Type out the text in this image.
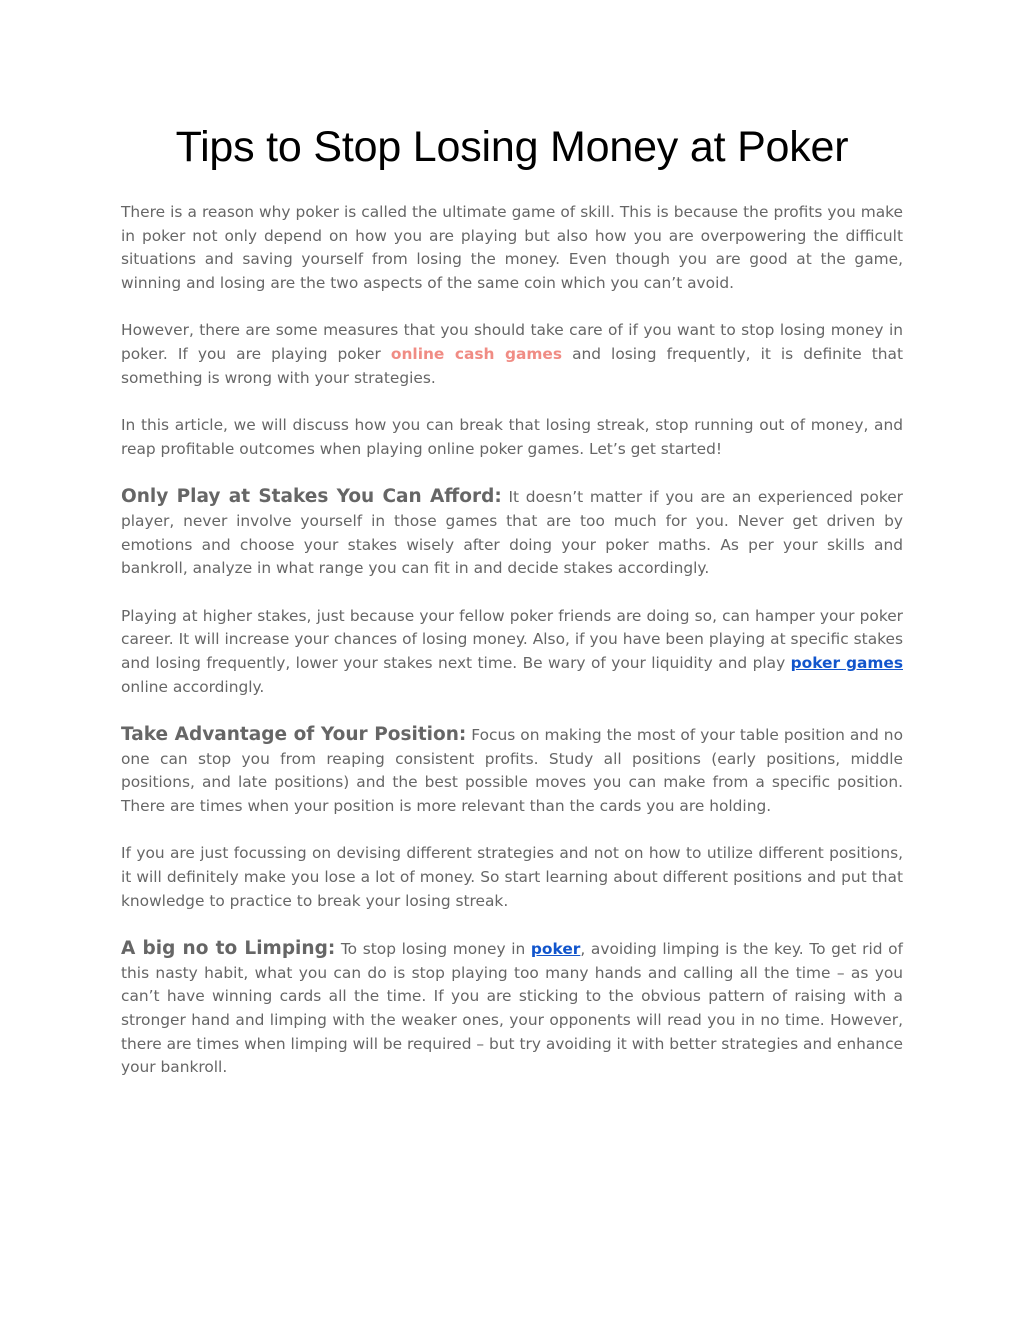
Tips to Stop Losing Money at Poker

There is a reason why poker is called the ultimate game of skill. This is because the profits you make in poker not only depend on how you are playing but also how you are overpowering the difficult situations and saving yourself from losing the money. Even though you are good at the game, winning and losing are the two aspects of the same coin which you can’t avoid.

However, there are some measures that you should take care of if you want to stop losing money in poker. If you are playing poker online cash games and losing frequently, it is definite that something is wrong with your strategies.

In this article, we will discuss how you can break that losing streak, stop running out of money, and reap profitable outcomes when playing online poker games. Let’s get started!

Only Play at Stakes You Can Afford: It doesn’t matter if you are an experienced poker player, never involve yourself in those games that are too much for you. Never get driven by emotions and choose your stakes wisely after doing your poker maths. As per your skills and bankroll, analyze in what range you can fit in and decide stakes accordingly.

Playing at higher stakes, just because your fellow poker friends are doing so, can hamper your poker career. It will increase your chances of losing money. Also, if you have been playing at specific stakes and losing frequently, lower your stakes next time. Be wary of your liquidity and play poker games online accordingly.

Take Advantage of Your Position: Focus on making the most of your table position and no one can stop you from reaping consistent profits. Study all positions (early positions, middle positions, and late positions) and the best possible moves you can make from a specific position. There are times when your position is more relevant than the cards you are holding.

If you are just focussing on devising different strategies and not on how to utilize different positions, it will definitely make you lose a lot of money. So start learning about different positions and put that knowledge to practice to break your losing streak.

A big no to Limping: To stop losing money in poker, avoiding limping is the key. To get rid of this nasty habit, what you can do is stop playing too many hands and calling all the time – as you can’t have winning cards all the time. If you are sticking to the obvious pattern of raising with a stronger hand and limping with the weaker ones, your opponents will read you in no time. However, there are times when limping will be required – but try avoiding it with better strategies and enhance your bankroll.
